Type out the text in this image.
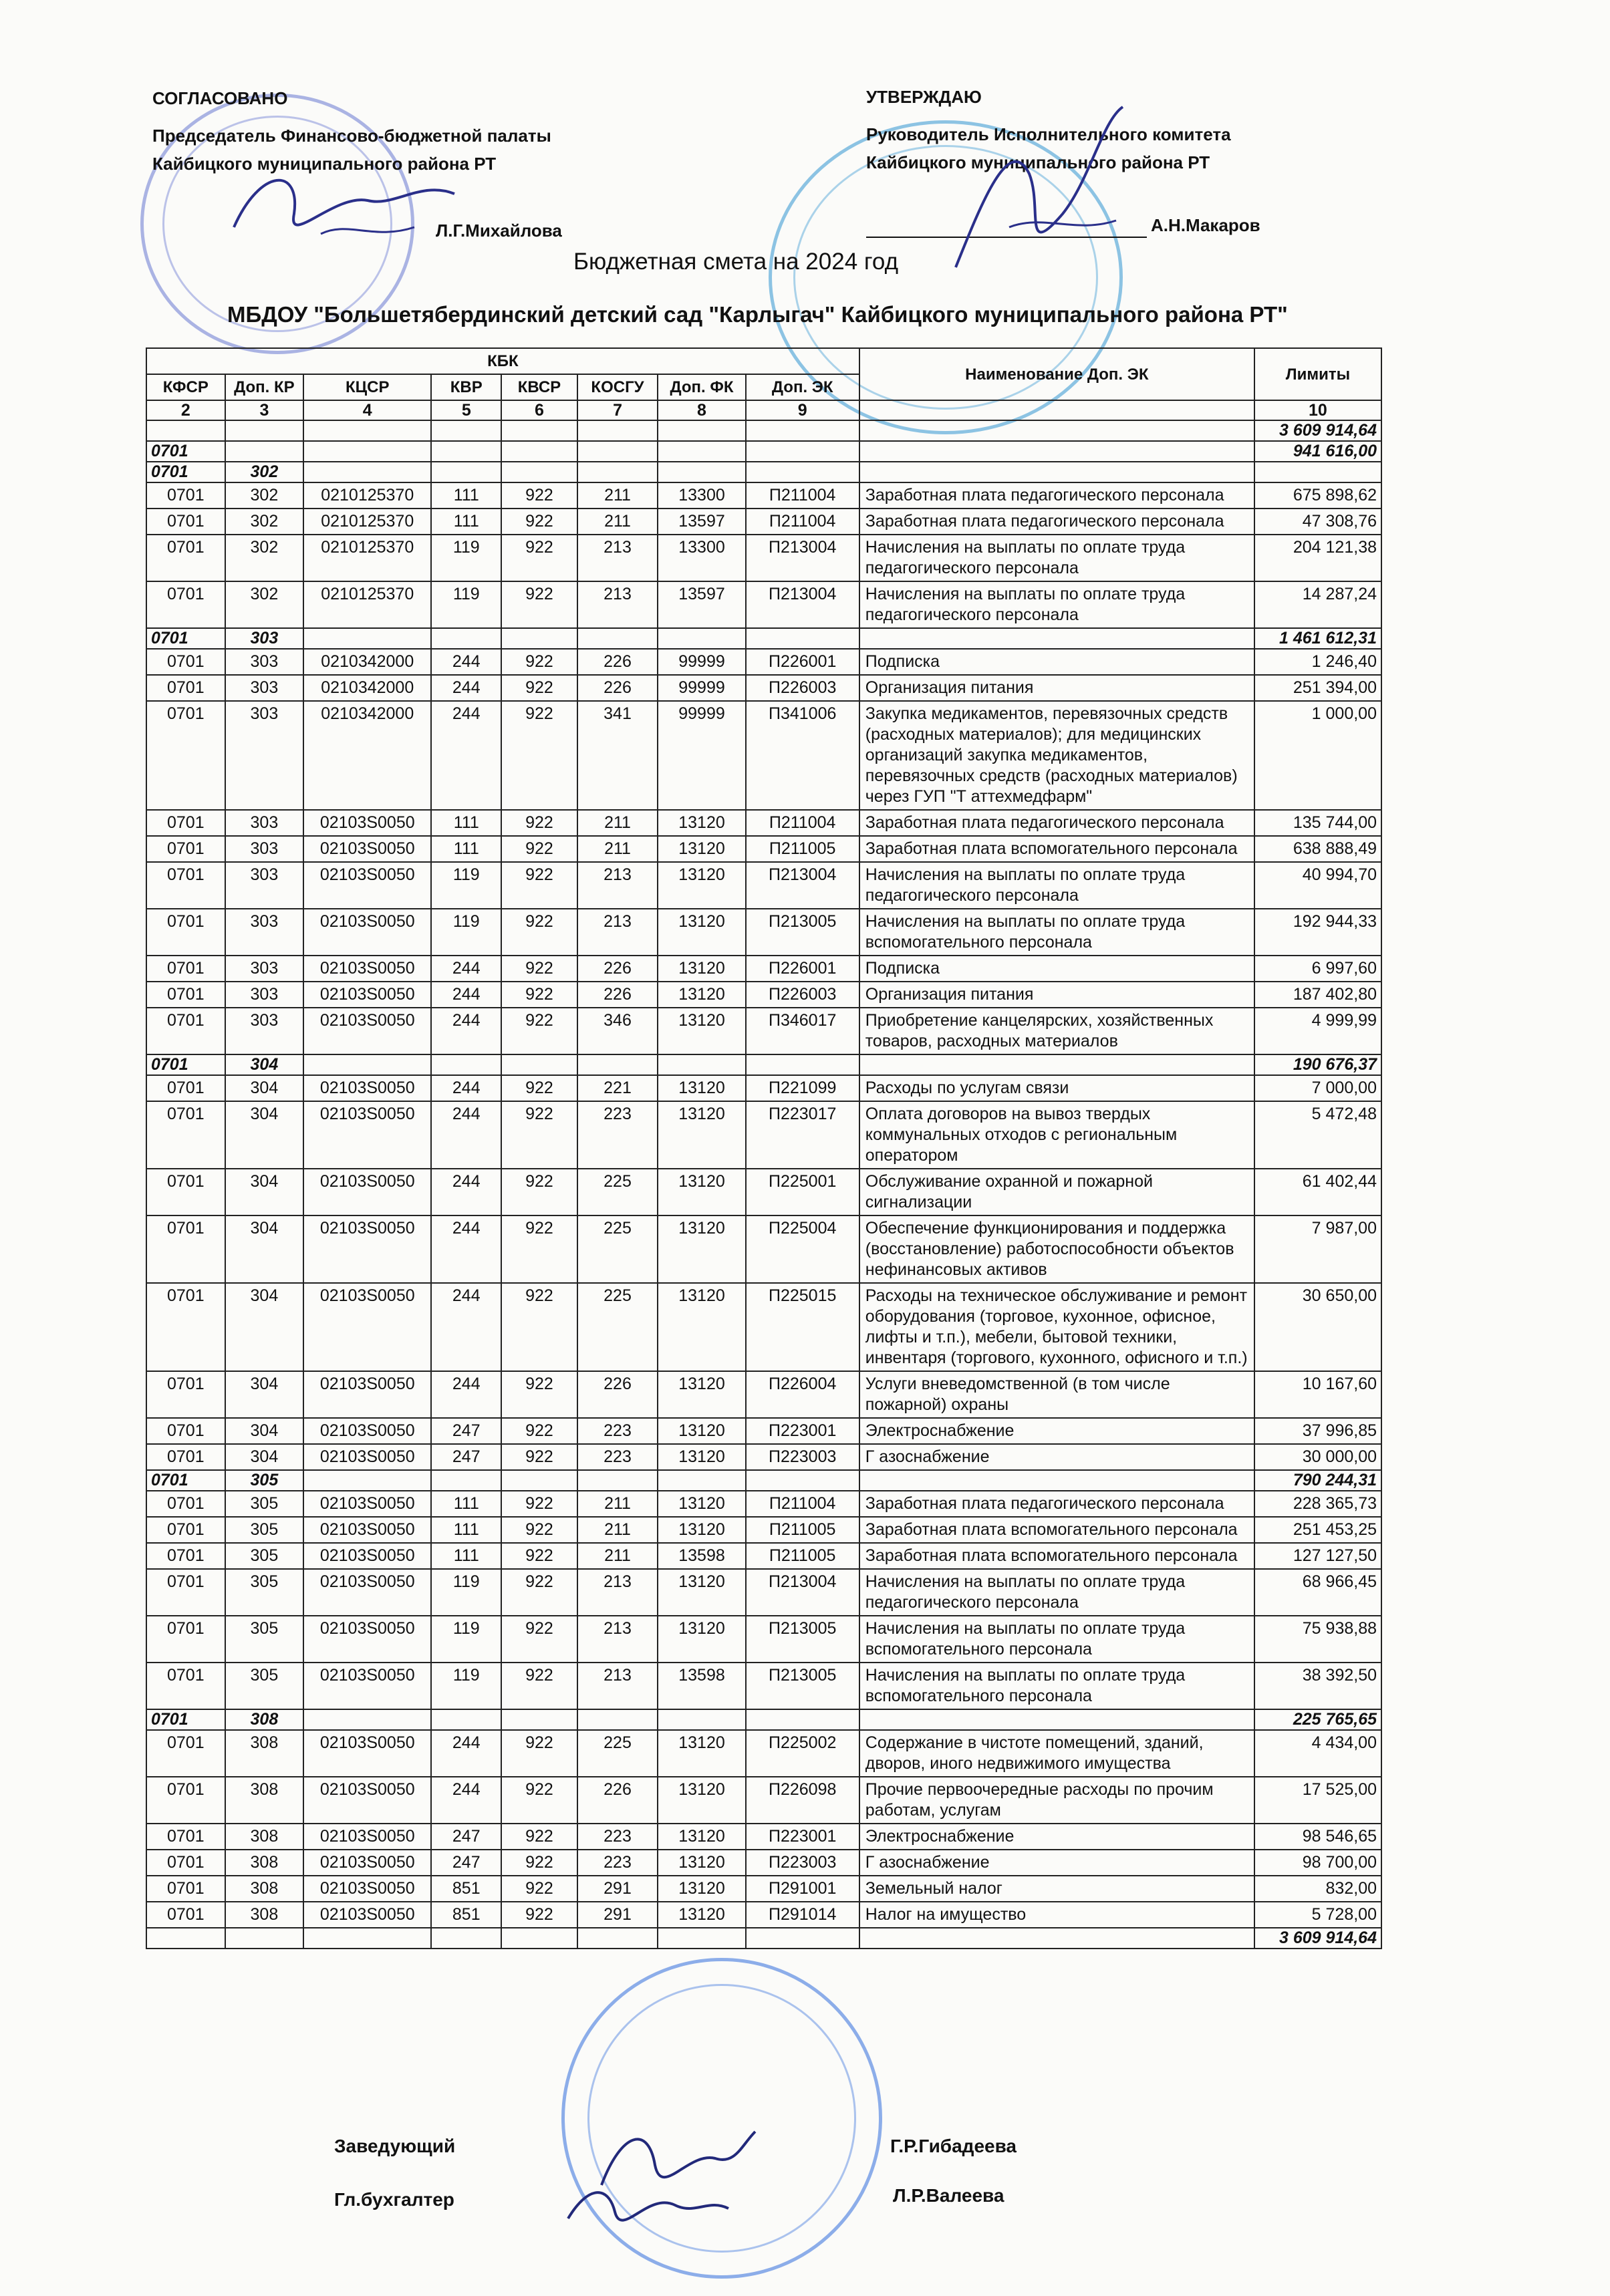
СОГЛАСОВАНО
Председатель Финансово-бюджетной палаты
Кайбицкого муниципального района РТ
Л.Г.Михайлова
УТВЕРЖДАЮ
Руководитель Исполнительного комитета
Кайбицкого муниципального района РТ
А.Н.Макаров
Бюджетная смета на 2024 год
МБДОУ "Большетябердинский детский сад "Карлыгач" Кайбицкого муниципального района РТ"
КБК								Наименование Доп. ЭК	Лимиты
КФСР	Доп. КР	КЦСР	КВР	КВСР	КОСГУ	Доп. ФК	Доп. ЭК		
2	3	4	5	6	7	8	9		10
									3 609 914,64
0701									941 616,00
0701	302								
0701	302	0210125370	111	922	211	13300	П211004	Заработная плата педагогического персонала	675 898,62
0701	302	0210125370	111	922	211	13597	П211004	Заработная плата педагогического персонала	47 308,76
0701	302	0210125370	119	922	213	13300	П213004	Начисления на выплаты по оплате труда педагогического персонала	204 121,38
0701	302	0210125370	119	922	213	13597	П213004	Начисления на выплаты по оплате труда педагогического персонала	14 287,24
0701	303								1 461 612,31
0701	303	0210342000	244	922	226	99999	П226001	Подписка	1 246,40
0701	303	0210342000	244	922	226	99999	П226003	Организация питания	251 394,00
0701	303	0210342000	244	922	341	99999	П341006	Закупка медикаментов, перевязочных средств (расходных материалов); для медицинских организаций закупка медикаментов, перевязочных средств (расходных материалов) через ГУП "Т аттехмедфарм"	1 000,00
0701	303	02103S0050	111	922	211	13120	П211004	Заработная плата педагогического персонала	135 744,00
0701	303	02103S0050	111	922	211	13120	П211005	Заработная плата вспомогательного персонала	638 888,49
0701	303	02103S0050	119	922	213	13120	П213004	Начисления на выплаты по оплате труда педагогического персонала	40 994,70
0701	303	02103S0050	119	922	213	13120	П213005	Начисления на выплаты по оплате труда вспомогательного персонала	192 944,33
0701	303	02103S0050	244	922	226	13120	П226001	Подписка	6 997,60
0701	303	02103S0050	244	922	226	13120	П226003	Организация питания	187 402,80
0701	303	02103S0050	244	922	346	13120	П346017	Приобретение канцелярских, хозяйственных товаров, расходных материалов	4 999,99
0701	304								190 676,37
0701	304	02103S0050	244	922	221	13120	П221099	Расходы по услугам связи	7 000,00
0701	304	02103S0050	244	922	223	13120	П223017	Оплата договоров на вывоз твердых коммунальных отходов с региональным оператором	5 472,48
0701	304	02103S0050	244	922	225	13120	П225001	Обслуживание охранной и пожарной сигнализации	61 402,44
0701	304	02103S0050	244	922	225	13120	П225004	Обеспечение функционирования и поддержка (восстановление) работоспособности объектов нефинансовых активов	7 987,00
0701	304	02103S0050	244	922	225	13120	П225015	Расходы на техническое обслуживание и ремонт оборудования (торговое, кухонное, офисное, лифты и т.п.), мебели, бытовой техники, инвентаря (торгового, кухонного, офисного и т.п.)	30 650,00
0701	304	02103S0050	244	922	226	13120	П226004	Услуги вневедомственной (в том числе пожарной) охраны	10 167,60
0701	304	02103S0050	247	922	223	13120	П223001	Электроснабжение	37 996,85
0701	304	02103S0050	247	922	223	13120	П223003	Г азоснабжение	30 000,00
0701	305								790 244,31
0701	305	02103S0050	111	922	211	13120	П211004	Заработная плата педагогического персонала	228 365,73
0701	305	02103S0050	111	922	211	13120	П211005	Заработная плата вспомогательного персонала	251 453,25
0701	305	02103S0050	111	922	211	13598	П211005	Заработная плата вспомогательного персонала	127 127,50
0701	305	02103S0050	119	922	213	13120	П213004	Начисления на выплаты по оплате труда педагогического персонала	68 966,45
0701	305	02103S0050	119	922	213	13120	П213005	Начисления на выплаты по оплате труда вспомогательного персонала	75 938,88
0701	305	02103S0050	119	922	213	13598	П213005	Начисления на выплаты по оплате труда вспомогательного персонала	38 392,50
0701	308								225 765,65
0701	308	02103S0050	244	922	225	13120	П225002	Содержание в чистоте помещений, зданий, дворов, иного недвижимого имущества	4 434,00
0701	308	02103S0050	244	922	226	13120	П226098	Прочие первоочередные расходы по прочим работам, услугам	17 525,00
0701	308	02103S0050	247	922	223	13120	П223001	Электроснабжение	98 546,65
0701	308	02103S0050	247	922	223	13120	П223003	Г азоснабжение	98 700,00
0701	308	02103S0050	851	922	291	13120	П291001	Земельный налог	832,00
0701	308	02103S0050	851	922	291	13120	П291014	Налог на имущество	5 728,00
									3 609 914,64
Заведующий	Г.Р.Гибадеева
Гл.бухгалтер	Л.Р.Валеева
